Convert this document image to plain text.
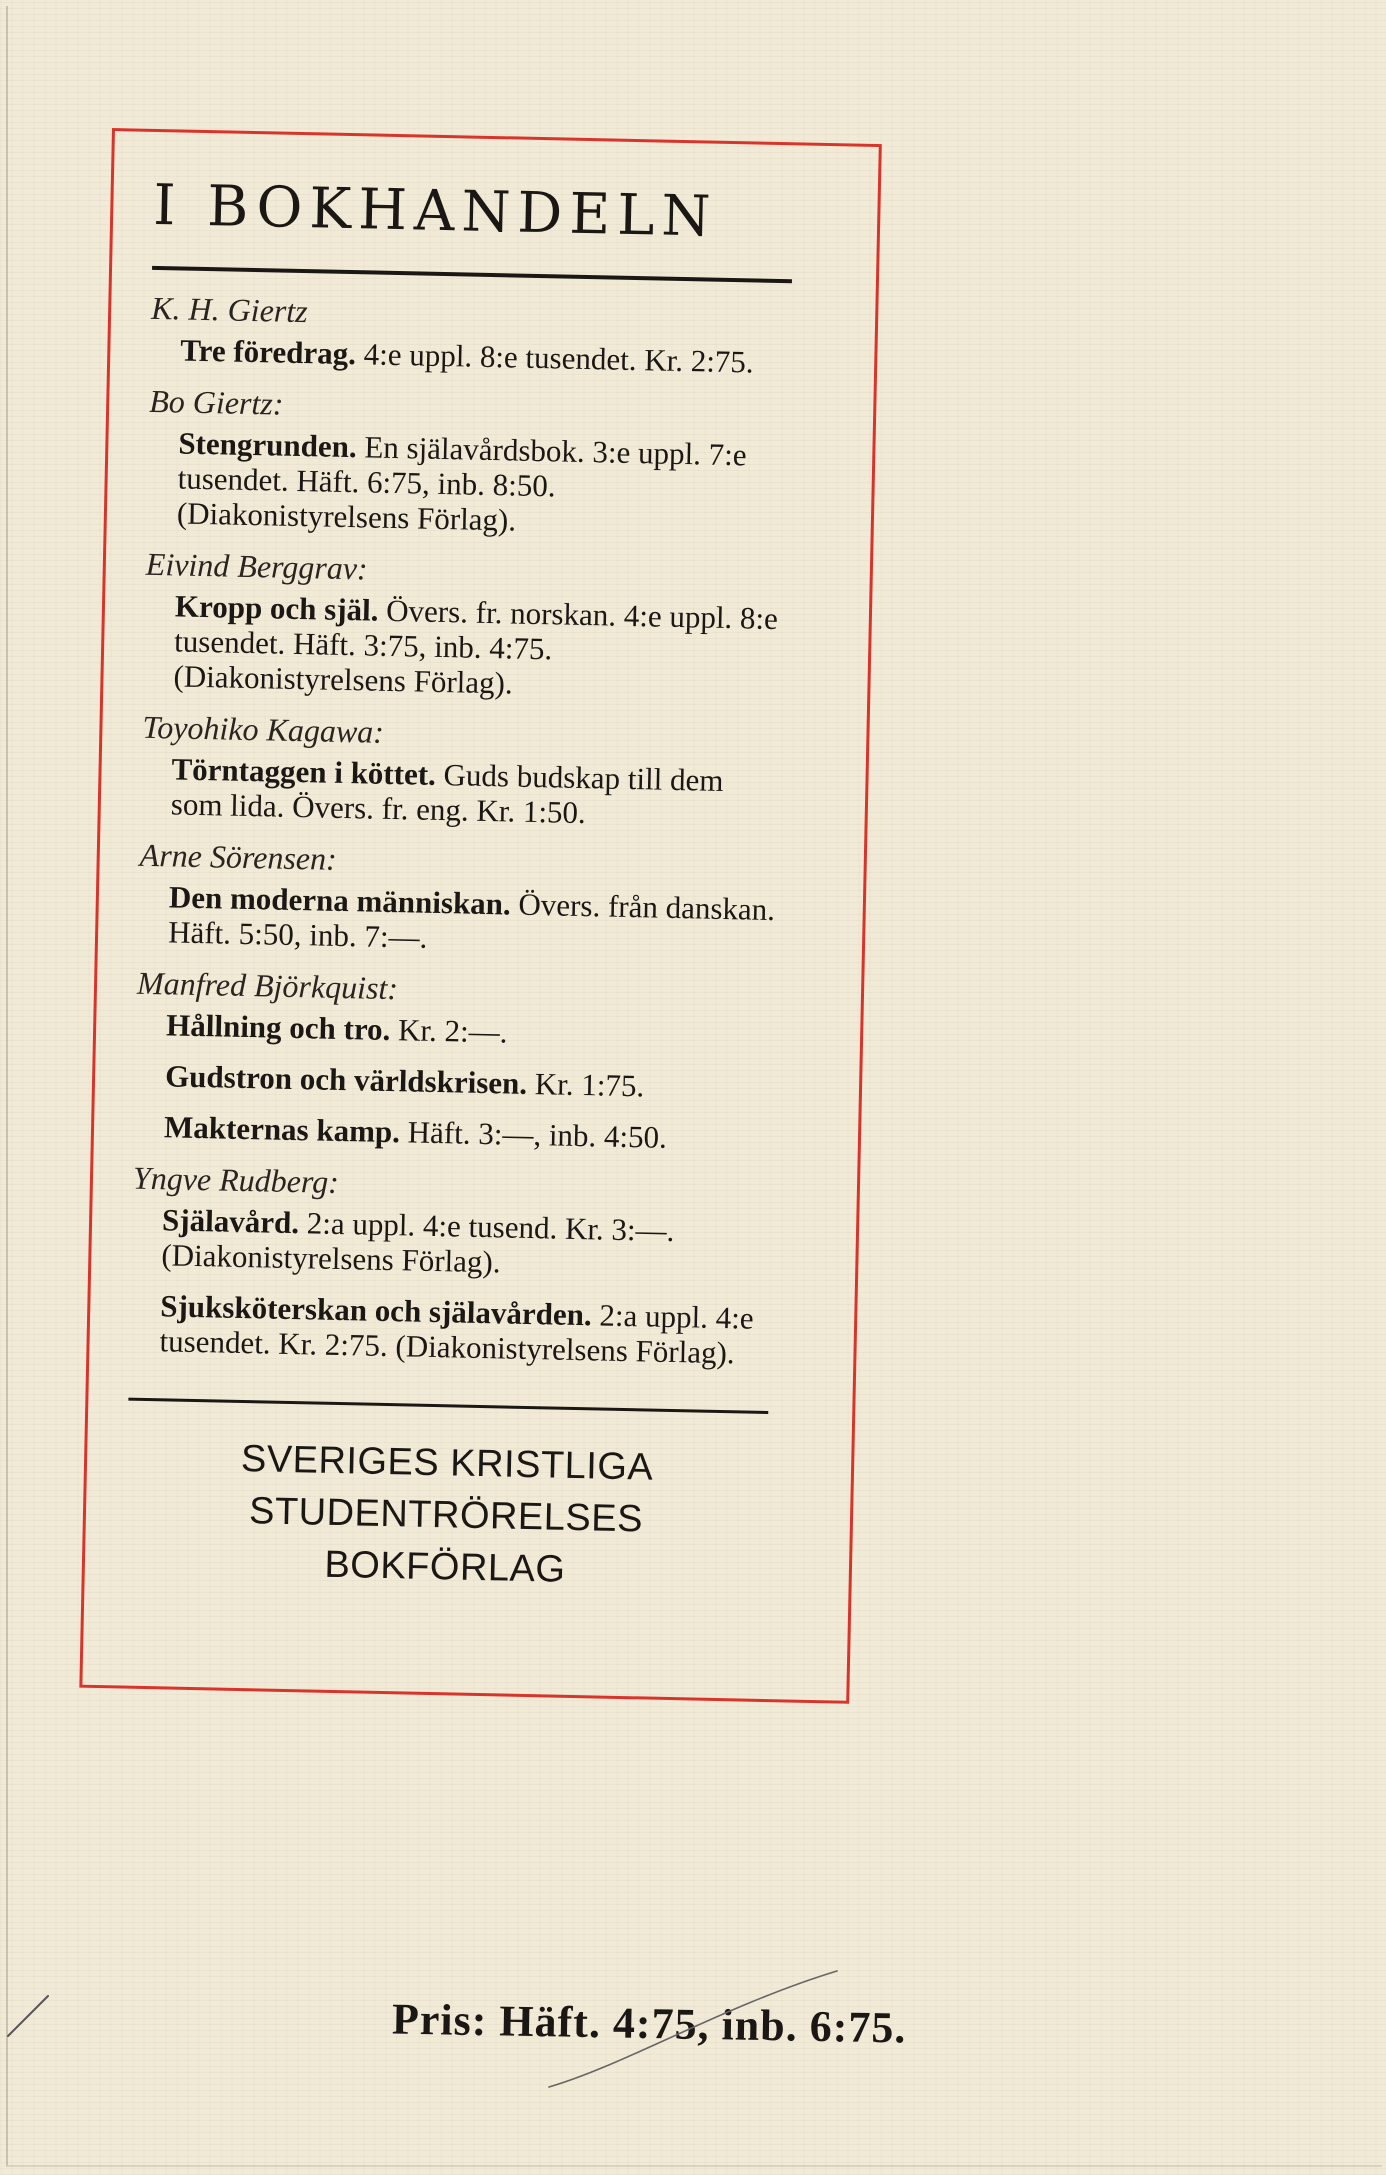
I BOKHANDELN
K. H. Giertz
Tre föredrag. 4:e uppl. 8:e tusendet. Kr. 2:75.
Bo Giertz:
Stengrunden. En själavårdsbok. 3:e uppl. 7:e tusendet. Häft. 6:75, inb. 8:50. (Diakonistyrelsens Förlag).
Eivind Berggrav:
Kropp och själ. Övers. fr. norskan. 4:e uppl. 8:e tusendet. Häft. 3:75, inb. 4:75. (Diakonistyrelsens Förlag).
Toyohiko Kagawa:
Törntaggen i köttet. Guds budskap till dem som lida. Övers. fr. eng. Kr. 1:50.
Arne Sörensen:
Den moderna människan. Övers. från danskan. Häft. 5:50, inb. 7:—.
Manfred Björkquist:
Hållning och tro. Kr. 2:—.
Gudstron och världskrisen. Kr. 1:75.
Makternas kamp. Häft. 3:—, inb. 4:50.
Yngve Rudberg:
Själavård. 2:a uppl. 4:e tusend. Kr. 3:—. (Diakonistyrelsens Förlag).
Sjuksköterskan och själavården. 2:a uppl. 4:e tusendet. Kr. 2:75. (Diakonistyrelsens Förlag).
SVERIGES KRISTLIGA
STUDENTRÖRELSES BOKFÖRLAG
Pris: Häft. 4:75, inb. 6:75.
